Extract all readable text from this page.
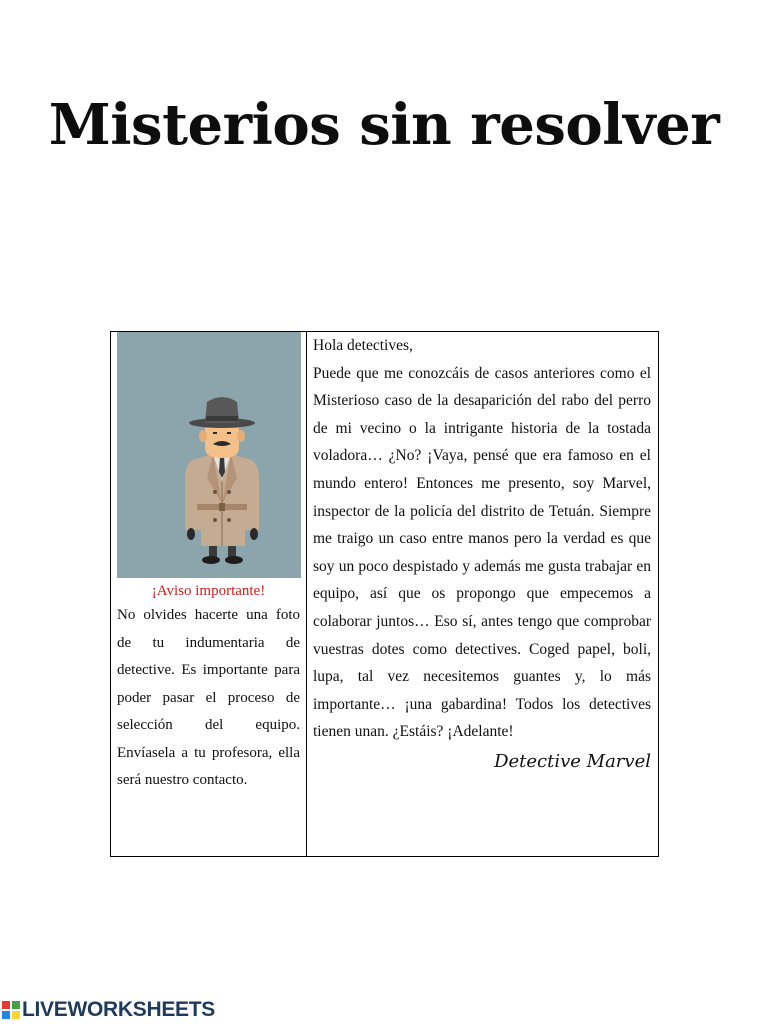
Misterios sin resolver
¡Aviso importante!

No olvides hacerte una foto de tu indumentaria de detective. Es importante para poder pasar el proceso de selección del equipo. Envíasela a tu profesora, ella será nuestro contacto.

Hola detectives,

Puede que me conozcáis de casos anteriores como el Misterioso caso de la desaparición del rabo del perro de mi vecino o la intrigante historia de la tostada voladora… ¿No? ¡Vaya, pensé que era famoso en el mundo entero! Entonces me presento, soy Marvel, inspector de la policía del distrito de Tetuán. Siempre me traigo un caso entre manos pero la verdad es que soy un poco despistado y además me gusta trabajar en equipo, así que os propongo que empecemos a colaborar juntos… Eso sí, antes tengo que comprobar vuestras dotes como detectives. Coged papel, boli, lupa, tal vez necesitemos guantes y, lo más importante… ¡una gabardina! Todos los detectives tienen unan. ¿Estáis? ¡Adelante!

Detective Marvel
LIVEWORKSHEETS
